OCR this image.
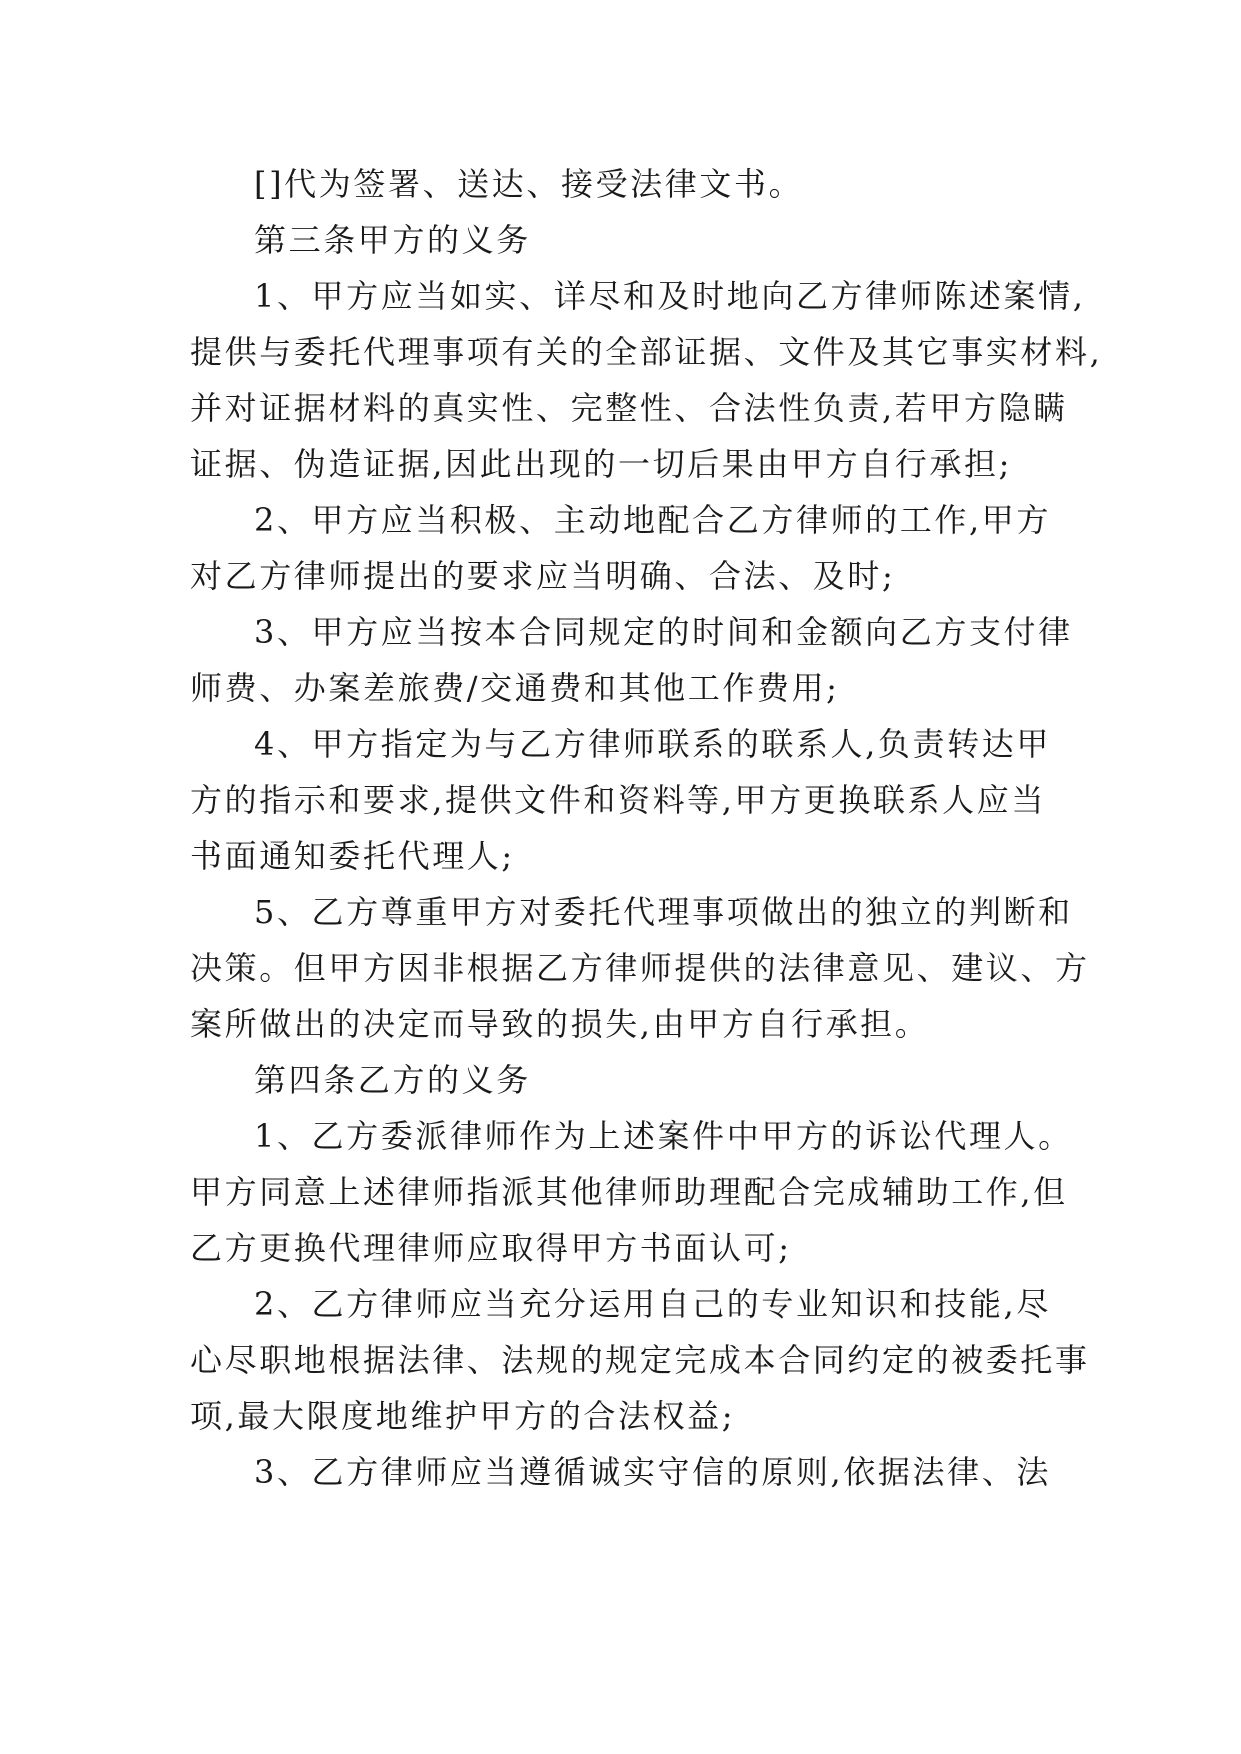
[]代为签署、送达、接受法律文书。
第三条甲方的义务
1、甲方应当如实、详尽和及时地向乙方律师陈述案情,
提供与委托代理事项有关的全部证据、文件及其它事实材料,
并对证据材料的真实性、完整性、合法性负责,若甲方隐瞒
证据、伪造证据,因此出现的一切后果由甲方自行承担;
2、甲方应当积极、主动地配合乙方律师的工作,甲方
对乙方律师提出的要求应当明确、合法、及时;
3、甲方应当按本合同规定的时间和金额向乙方支付律
师费、办案差旅费/交通费和其他工作费用;
4、甲方指定为与乙方律师联系的联系人,负责转达甲
方的指示和要求,提供文件和资料等,甲方更换联系人应当
书面通知委托代理人;
5、乙方尊重甲方对委托代理事项做出的独立的判断和
决策。但甲方因非根据乙方律师提供的法律意见、建议、方
案所做出的决定而导致的损失,由甲方自行承担。
第四条乙方的义务
1、乙方委派律师作为上述案件中甲方的诉讼代理人。
甲方同意上述律师指派其他律师助理配合完成辅助工作,但
乙方更换代理律师应取得甲方书面认可;
2、乙方律师应当充分运用自己的专业知识和技能,尽
心尽职地根据法律、法规的规定完成本合同约定的被委托事
项,最大限度地维护甲方的合法权益;
3、乙方律师应当遵循诚实守信的原则,依据法律、法
